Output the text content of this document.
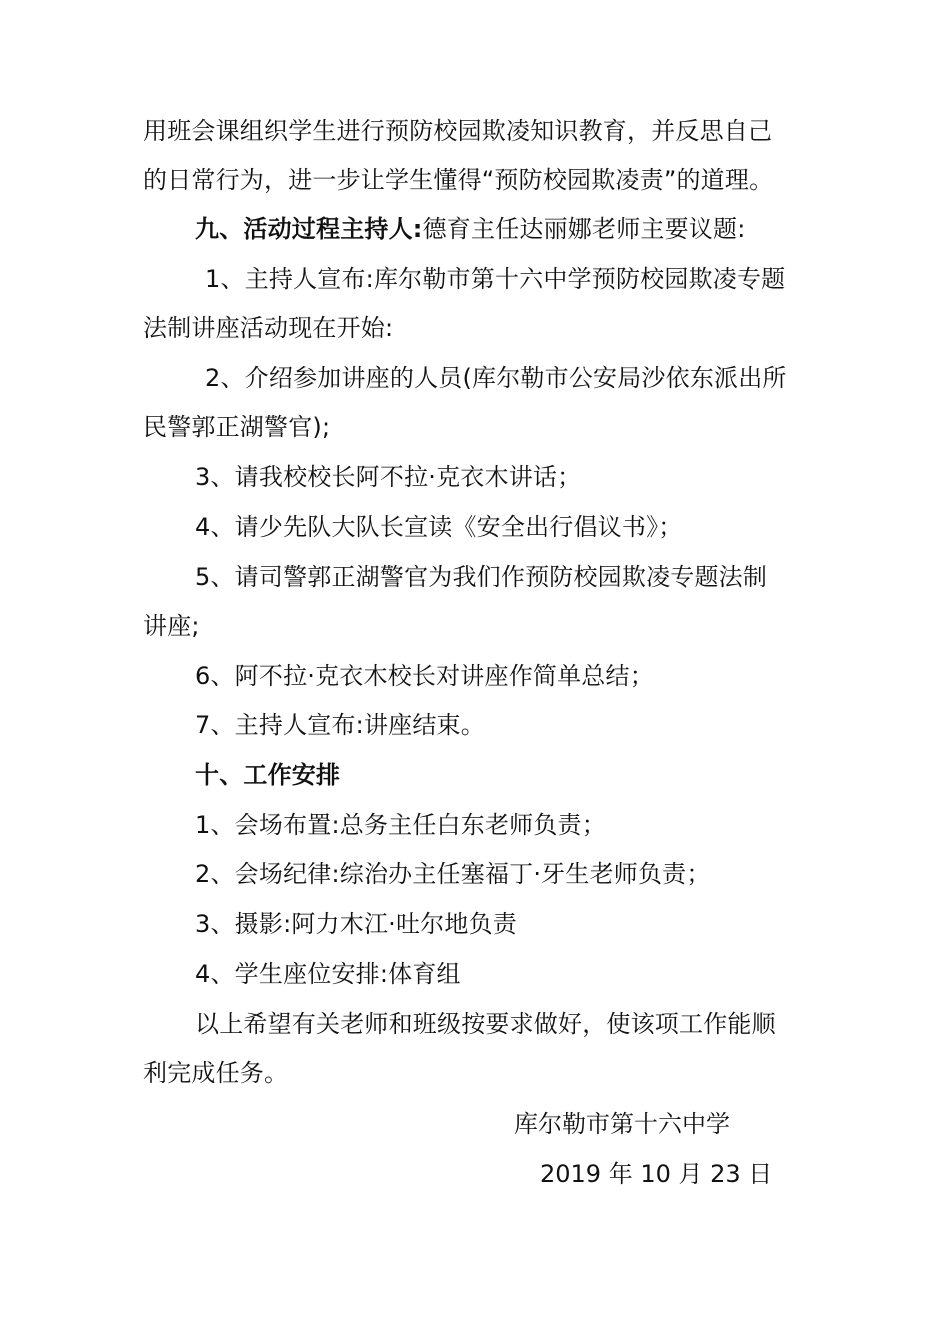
用班会课组织学生进行预防校园欺凌知识教育，并反思自己
的日常行为，进一步让学生懂得“预防校园欺凌责”的道理。
九、活动过程主持人:德育主任达丽娜老师主要议题:
1、主持人宣布:库尔勒市第十六中学预防校园欺凌专题
法制讲座活动现在开始:
2、介绍参加讲座的人员(库尔勒市公安局沙依东派出所
民警郭正湖警官);
3、请我校校长阿不拉·克衣木讲话；
4、请少先队大队长宣读《安全出行倡议书》；
5、请司警郭正湖警官为我们作预防校园欺凌专题法制
讲座;
6、阿不拉·克衣木校长对讲座作简单总结；
7、主持人宣布:讲座结束。
十、工作安排
1、会场布置:总务主任白东老师负责；
2、会场纪律:综治办主任塞福丁·牙生老师负责；
3、摄影:阿力木江·吐尔地负责
4、学生座位安排:体育组
以上希望有关老师和班级按要求做好，使该项工作能顺
利完成任务。
库尔勒市第十六中学
2019 年 10 月 23 日
